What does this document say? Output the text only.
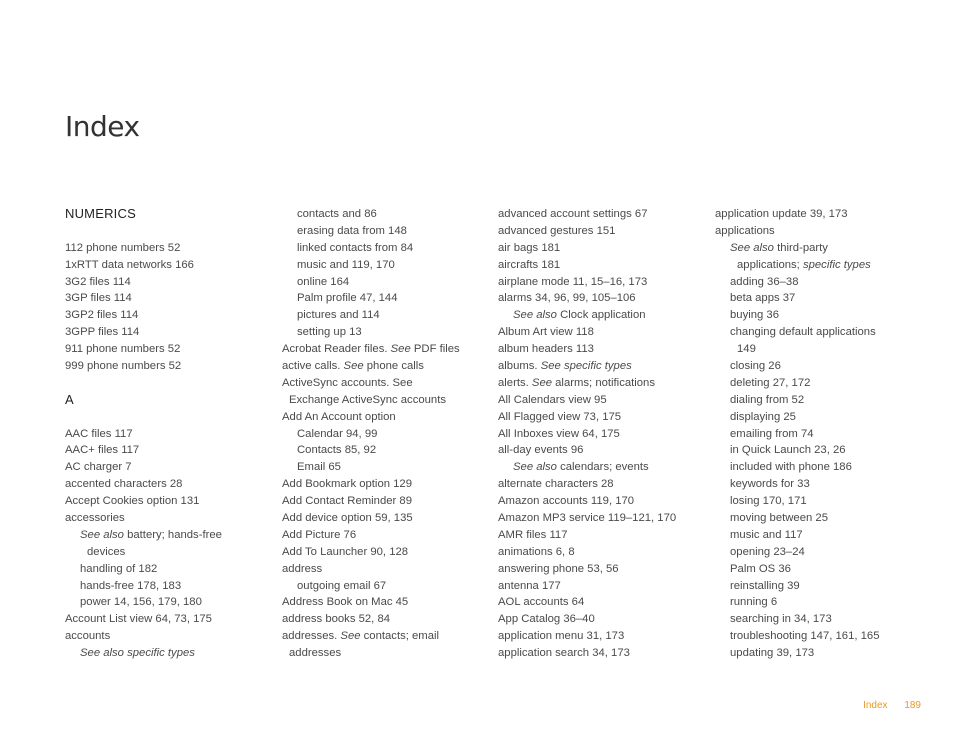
Index
NUMERICS
112 phone numbers 52
1xRTT data networks 166
3G2 files 114
3GP files 114
3GP2 files 114
3GPP files 114
911 phone numbers 52
999 phone numbers 52
A
AAC files 117
AAC+ files 117
AC charger 7
accented characters 28
Accept Cookies option 131
accessories
See also battery; hands-free
devices
handling of 182
hands-free 178, 183
power 14, 156, 179, 180
Account List view 64, 73, 175
accounts
See also specific types
contacts and 86
erasing data from 148
linked contacts from 84
music and 119, 170
online 164
Palm profile 47, 144
pictures and 114
setting up 13
Acrobat Reader files. See PDF files
active calls. See phone calls
ActiveSync accounts. See
Exchange ActiveSync accounts
Add An Account option
Calendar 94, 99
Contacts 85, 92
Email 65
Add Bookmark option 129
Add Contact Reminder 89
Add device option 59, 135
Add Picture 76
Add To Launcher 90, 128
address
outgoing email 67
Address Book on Mac 45
address books 52, 84
addresses. See contacts; email
addresses
advanced account settings 67
advanced gestures 151
air bags 181
aircrafts 181
airplane mode 11, 15–16, 173
alarms 34, 96, 99, 105–106
See also Clock application
Album Art view 118
album headers 113
albums. See specific types
alerts. See alarms; notifications
All Calendars view 95
All Flagged view 73, 175
All Inboxes view 64, 175
all-day events 96
See also calendars; events
alternate characters 28
Amazon accounts 119, 170
Amazon MP3 service 119–121, 170
AMR files 117
animations 6, 8
answering phone 53, 56
antenna 177
AOL accounts 64
App Catalog 36–40
application menu 31, 173
application search 34, 173
application update 39, 173
applications
See also third-party
applications; specific types
adding 36–38
beta apps 37
buying 36
changing default applications
149
closing 26
deleting 27, 172
dialing from 52
displaying 25
emailing from 74
in Quick Launch 23, 26
included with phone 186
keywords for 33
losing 170, 171
moving between 25
music and 117
opening 23–24
Palm OS 36
reinstalling 39
running 6
searching in 34, 173
troubleshooting 147, 161, 165
updating 39, 173
Index 189
